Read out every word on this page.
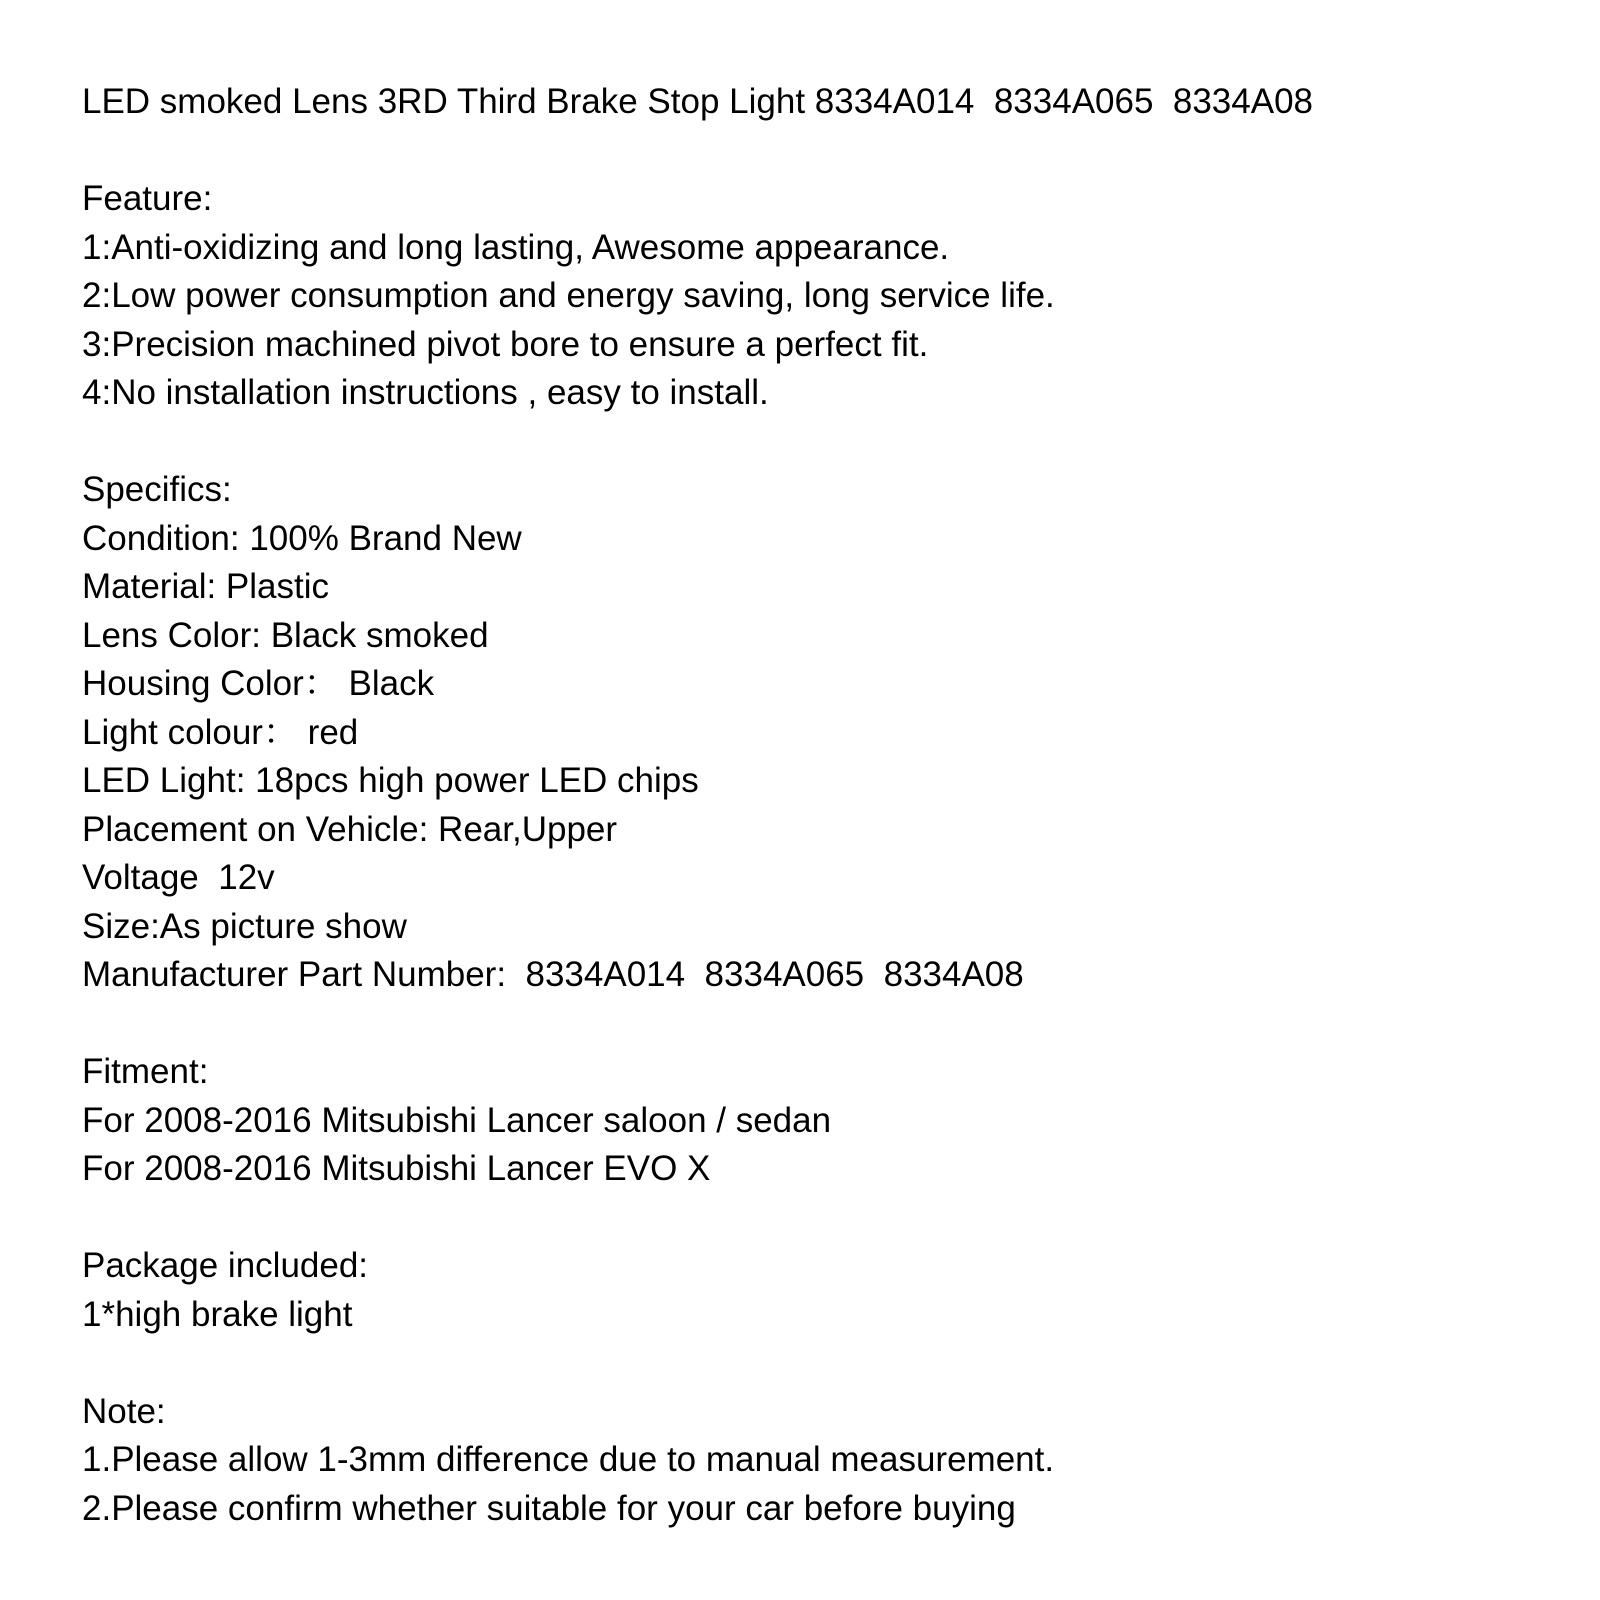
LED smoked Lens 3RD Third Brake Stop Light 8334A014  8334A065  8334A08

Feature:

1:Anti-oxidizing and long lasting, Awesome appearance.

2:Low power consumption and energy saving, long service life.

3:Precision machined pivot bore to ensure a perfect fit.

4:No installation instructions , easy to install.

Specifics:

Condition: 100% Brand New

Material: Plastic

Lens Color: Black smoked

Housing Color： Black

Light colour： red

LED Light: 18pcs high power LED chips

Placement on Vehicle: Rear,Upper

Voltage  12v

Size:As picture show

Manufacturer Part Number:  8334A014  8334A065  8334A08

Fitment:

For 2008-2016 Mitsubishi Lancer saloon / sedan

For 2008-2016 Mitsubishi Lancer EVO X

Package included:

1*high brake light

Note:

1.Please allow 1-3mm difference due to manual measurement.

2.Please confirm whether suitable for your car before buying
